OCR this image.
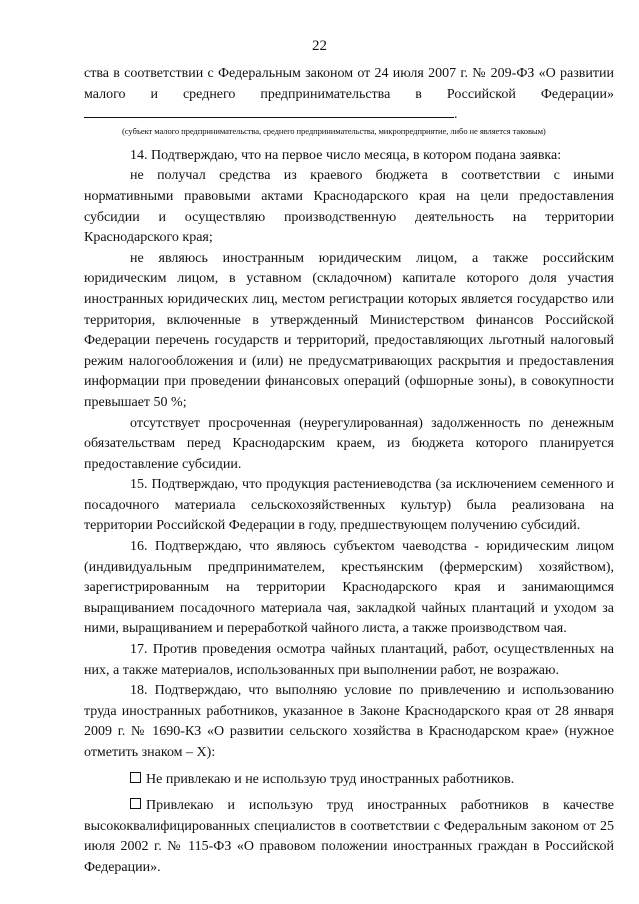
22

ства в соответствии с Федеральным законом от 24 июля 2007 г. № 209-ФЗ «О развитии малого и среднего предпринимательства в Российской Федерации».

(субъект малого предпринимательства, среднего предпринимательства, микропредприятие, либо не является таковым)

14. Подтверждаю, что на первое число месяца, в котором подана заявка:

не получал средства из краевого бюджета в соответствии с иными нормативными правовыми актами Краснодарского края на цели предоставления субсидии и осуществляю производственную деятельность на территории Краснодарского края;

не являюсь иностранным юридическим лицом, а также российским юридическим лицом, в уставном (складочном) капитале которого доля участия иностранных юридических лиц, местом регистрации которых является государство или территория, включенные в утвержденный Министерством финансов Российской Федерации перечень государств и территорий, предоставляющих льготный налоговый режим налогообложения и (или) не предусматривающих раскрытия и предоставления информации при проведении финансовых операций (офшорные зоны), в совокупности превышает 50 %;

отсутствует просроченная (неурегулированная) задолженность по денежным обязательствам перед Краснодарским краем, из бюджета которого планируется предоставление субсидии.

15. Подтверждаю, что продукция растениеводства (за исключением семенного и посадочного материала сельскохозяйственных культур) была реализована на территории Российской Федерации в году, предшествующем получению субсидий.

16. Подтверждаю, что являюсь субъектом чаеводства - юридическим лицом (индивидуальным предпринимателем, крестьянским (фермерским) хозяйством), зарегистрированным на территории Краснодарского края и занимающимся выращиванием посадочного материала чая, закладкой чайных плантаций и уходом за ними, выращиванием и переработкой чайного листа, а также производством чая.

17. Против проведения осмотра чайных плантаций, работ, осуществленных на них, а также материалов, использованных при выполнении работ, не возражаю.

18. Подтверждаю, что выполняю условие по привлечению и использованию труда иностранных работников, указанное в Законе Краснодарского края от 28 января 2009 г. № 1690-КЗ «О развитии сельского хозяйства в Краснодарском крае» (нужное отметить знаком – Х):

Не привлекаю и не использую труд иностранных работников.

Привлекаю и использую труд иностранных работников в качестве высококвалифицированных специалистов в соответствии с Федеральным законом от 25 июля 2002 г. № 115-ФЗ «О правовом положении иностранных граждан в Российской Федерации».
